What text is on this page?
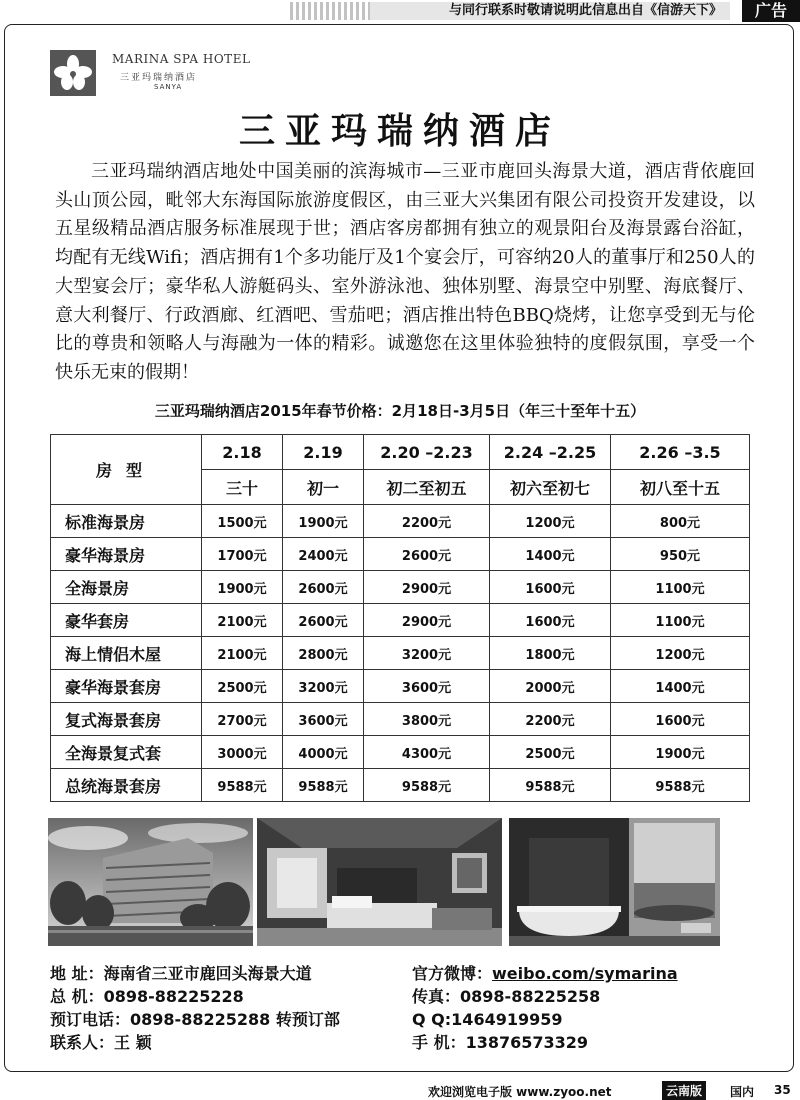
与同行联系时敬请说明此信息出自《信游天下》	广告
MARINA SPA HOTEL
三亚玛瑞纳酒店
SANYA
三亚玛瑞纳酒店
三亚玛瑞纳酒店地处中国美丽的滨海城市—三亚市鹿回头海景大道，酒店背依鹿回头山顶公园，毗邻大东海国际旅游度假区，由三亚大兴集团有限公司投资开发建设，以五星级精品酒店服务标准展现于世；酒店客房都拥有独立的观景阳台及海景露台浴缸，均配有无线Wifi；酒店拥有1个多功能厅及1个宴会厅，可容纳20人的董事厅和250人的大型宴会厅；豪华私人游艇码头、室外游泳池、独体别墅、海景空中别墅、海底餐厅、意大利餐厅、行政酒廊、红酒吧、雪茄吧；酒店推出特色BBQ烧烤，让您享受到无与伦比的尊贵和领略人与海融为一体的精彩。诚邀您在这里体验独特的度假氛围，享受一个快乐无束的假期！
三亚玛瑞纳酒店2015年春节价格：2月18日-3月5日（年三十至年十五）
房型	2.18	2.19	2.20 –2.23	2.24 –2.25	2.26 –3.5
	三十	初一	初二至初五	初六至初七	初八至十五
标准海景房	1500元	1900元	2200元	1200元	800元
豪华海景房	1700元	2400元	2600元	1400元	950元
全海景房	1900元	2600元	2900元	1600元	1100元
豪华套房	2100元	2600元	2900元	1600元	1100元
海上情侣木屋	2100元	2800元	3200元	1800元	1200元
豪华海景套房	2500元	3200元	3600元	2000元	1400元
复式海景套房	2700元	3600元	3800元	2200元	1600元
全海景复式套	3000元	4000元	4300元	2500元	1900元
总统海景套房	9588元	9588元	9588元	9588元	9588元
地 址：海南省三亚市鹿回头海景大道
总 机：0898-88225228
预订电话：0898-88225288 转预订部
联系人：王 颖
官方微博：weibo.com/symarina
传真：0898-88225258
Q Q:1464919959
手 机：13876573329
欢迎浏览电子版 www.zyoo.net	云南版	国内 35
